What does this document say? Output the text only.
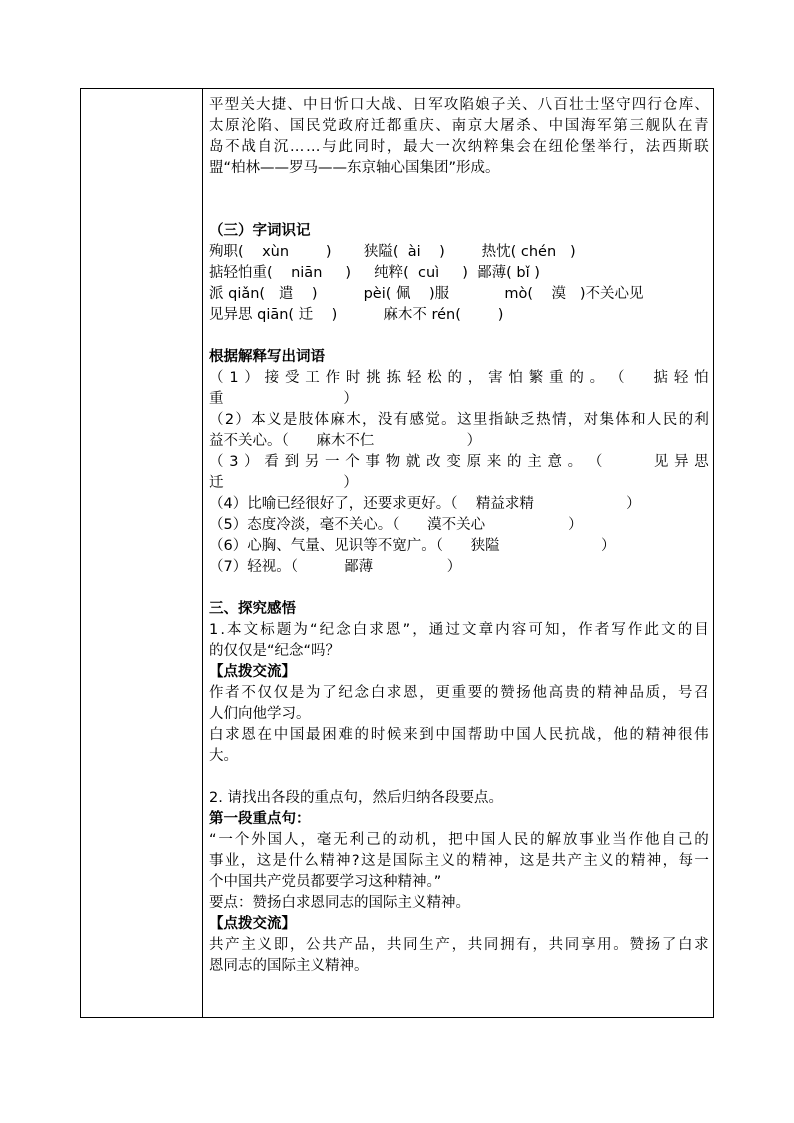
平 型 关 大 捷 、 中 日 忻 口 大 战 、 日 军 攻 陷 娘 子 关 、 八 百 壮 士 坚 守 四 行 仓 库 、
太 原 沦 陷 、 国 民 党 政 府 迁 都 重 庆 、 南 京 大 屠 杀 、 中 国 海 军 第 三 舰 队 在 青
岛 不 战 自 沉 … … 与 此 同 时 ， 最 大 一 次 纳 粹 集 会 在 纽 伦 堡 举 行 ， 法 西 斯 联
盟“柏林——罗马——东京轴心国集团”形成。
（三）字词识记
殉职(    xùn        )       狭隘(  ài    )        热忱( chén   )
掂轻怕重(    niān     )     纯粹(  cuì     )  鄙薄( bǐ )
派 qiǎn(   遣    )          pèi( 佩    )服            mò(    漠   )不关心见
见异思 qiān( 迁    )          麻木不 rén(        )
根据解释写出词语
（ 1 ） 接 受 工 作 时 挑 拣 轻 松 的 ， 害 怕 繁 重 的 。 （ 掂 轻 怕
重                          ）
（ 2 ） 本 义 是 肢 体 麻 木 ， 没 有 感 觉 。 这 里 指 缺 乏 热 情 ， 对 集 体 和 人 民 的 利
益不关心。（      麻木不仁                    ）
（ 3 ） 看 到 另 一 个 事 物 就 改 变 原 来 的 主 意 。 （	见 异 思
迁                          ）
（4）比喻已经很好了，还要求更好。（    精益求精                    ）
（5）态度冷淡，毫不关心。（      漠不关心                  ）
（6）心胸、气量、见识等不宽广。（      狭隘                      ）
（7）轻视。（          鄙薄                ）
三、探究感悟
1 . 本 文 标 题 为 “ 纪 念 白 求 恩 ” ， 通 过 文 章 内 容 可 知 ， 作 者 写 作 此 文 的 目
的仅仅是“纪念“吗？
【点拨交流】
作 者 不 仅 仅 是 为 了 纪 念 白 求 恩 ， 更 重 要 的 赞 扬 他 高 贵 的 精 神 品 质 ， 号 召
人们向他学习。
白 求 恩 在 中 国 最 困 难 的 时 候 来 到 中 国 帮 助 中 国 人 民 抗 战 ， 他 的 精 神 很 伟
大。
2. 请找出各段的重点句，然后归纳各段要点。
第一段重点句：
“ 一 个 外 国 人 ， 毫 无 利 己 的 动 机 ， 把 中 国 人 民 的 解 放 事 业 当 作 他 自 己 的
事 业 ， 这 是 什 么 精 神 ? 这 是 国 际 主 义 的 精 神 ， 这 是 共 产 主 义 的 精 神 ， 每 一
个中国共产党员都要学习这种精神。”
要点：赞扬白求恩同志的国际主义精神。
【点拨交流】
共 产 主 义 即 ， 公 共 产 品 ， 共 同 生 产 ， 共 同 拥 有 ， 共 同 享 用 。 赞 扬 了 白 求
恩同志的国际主义精神。
